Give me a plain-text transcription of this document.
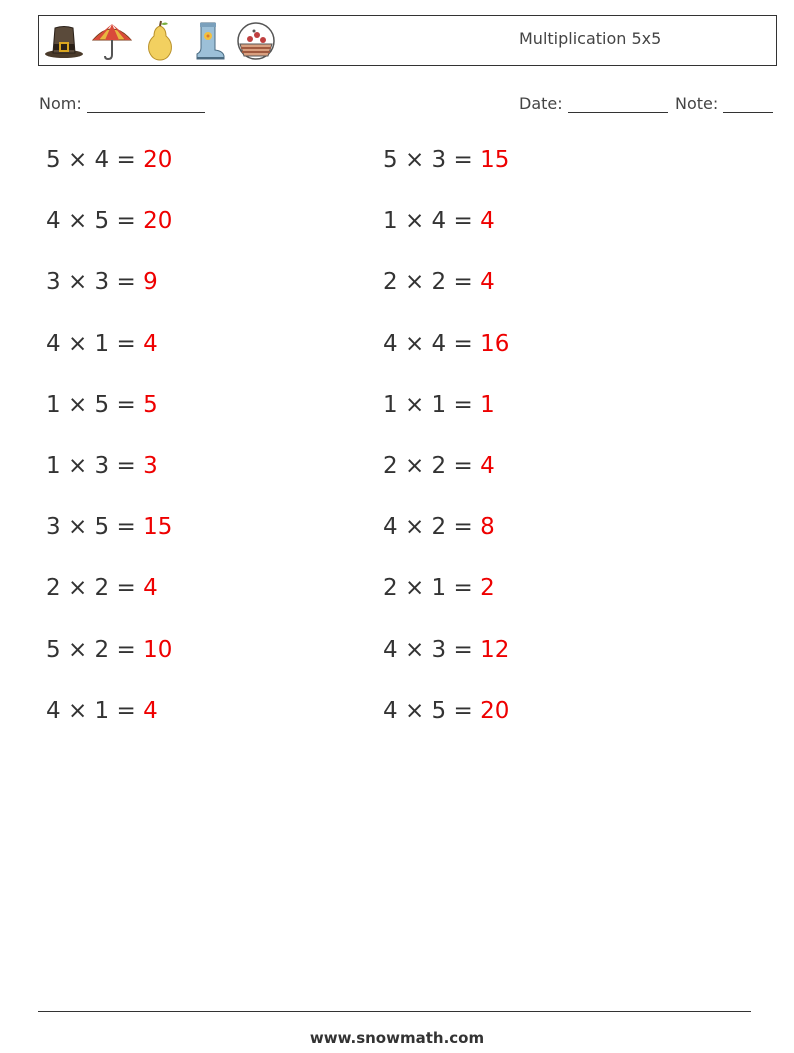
Multiplication 5x5
Nom:	Date:	Note:
5 × 4 = 20
4 × 5 = 20
3 × 3 = 9
4 × 1 = 4
1 × 5 = 5
1 × 3 = 3
3 × 5 = 15
2 × 2 = 4
5 × 2 = 10
4 × 1 = 4
5 × 3 = 15
1 × 4 = 4
2 × 2 = 4
4 × 4 = 16
1 × 1 = 1
2 × 2 = 4
4 × 2 = 8
2 × 1 = 2
4 × 3 = 12
4 × 5 = 20
www.snowmath.com
